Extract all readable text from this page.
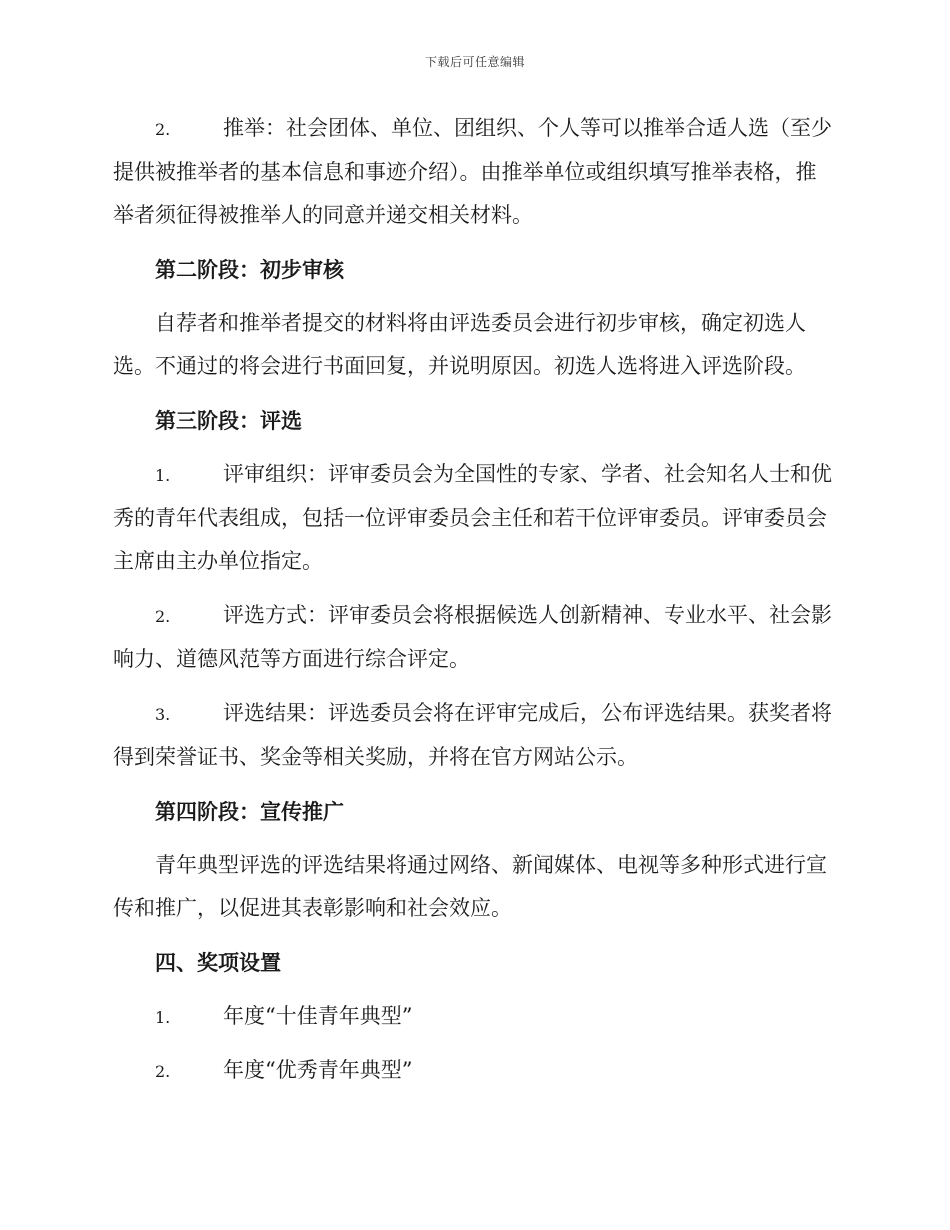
下载后可任意编辑

2.	推举：社会团体、单位、团组织、个人等可以推举合适人选（至少提供被推举者的基本信息和事迹介绍）。由推举单位或组织填写推举表格，推举者须征得被推举人的同意并递交相关材料。

第二阶段：初步审核

自荐者和推举者提交的材料将由评选委员会进行初步审核，确定初选人选。不通过的将会进行书面回复，并说明原因。初选人选将进入评选阶段。

第三阶段：评选

1.	评审组织：评审委员会为全国性的专家、学者、社会知名人士和优秀的青年代表组成，包括一位评审委员会主任和若干位评审委员。评审委员会主席由主办单位指定。

2.	评选方式：评审委员会将根据候选人创新精神、专业水平、社会影响力、道德风范等方面进行综合评定。

3.	评选结果：评选委员会将在评审完成后，公布评选结果。获奖者将得到荣誉证书、奖金等相关奖励，并将在官方网站公示。

第四阶段：宣传推广

青年典型评选的评选结果将通过网络、新闻媒体、电视等多种形式进行宣传和推广，以促进其表彰影响和社会效应。

四、奖项设置

1.	年度“十佳青年典型”

2.	年度“优秀青年典型”
